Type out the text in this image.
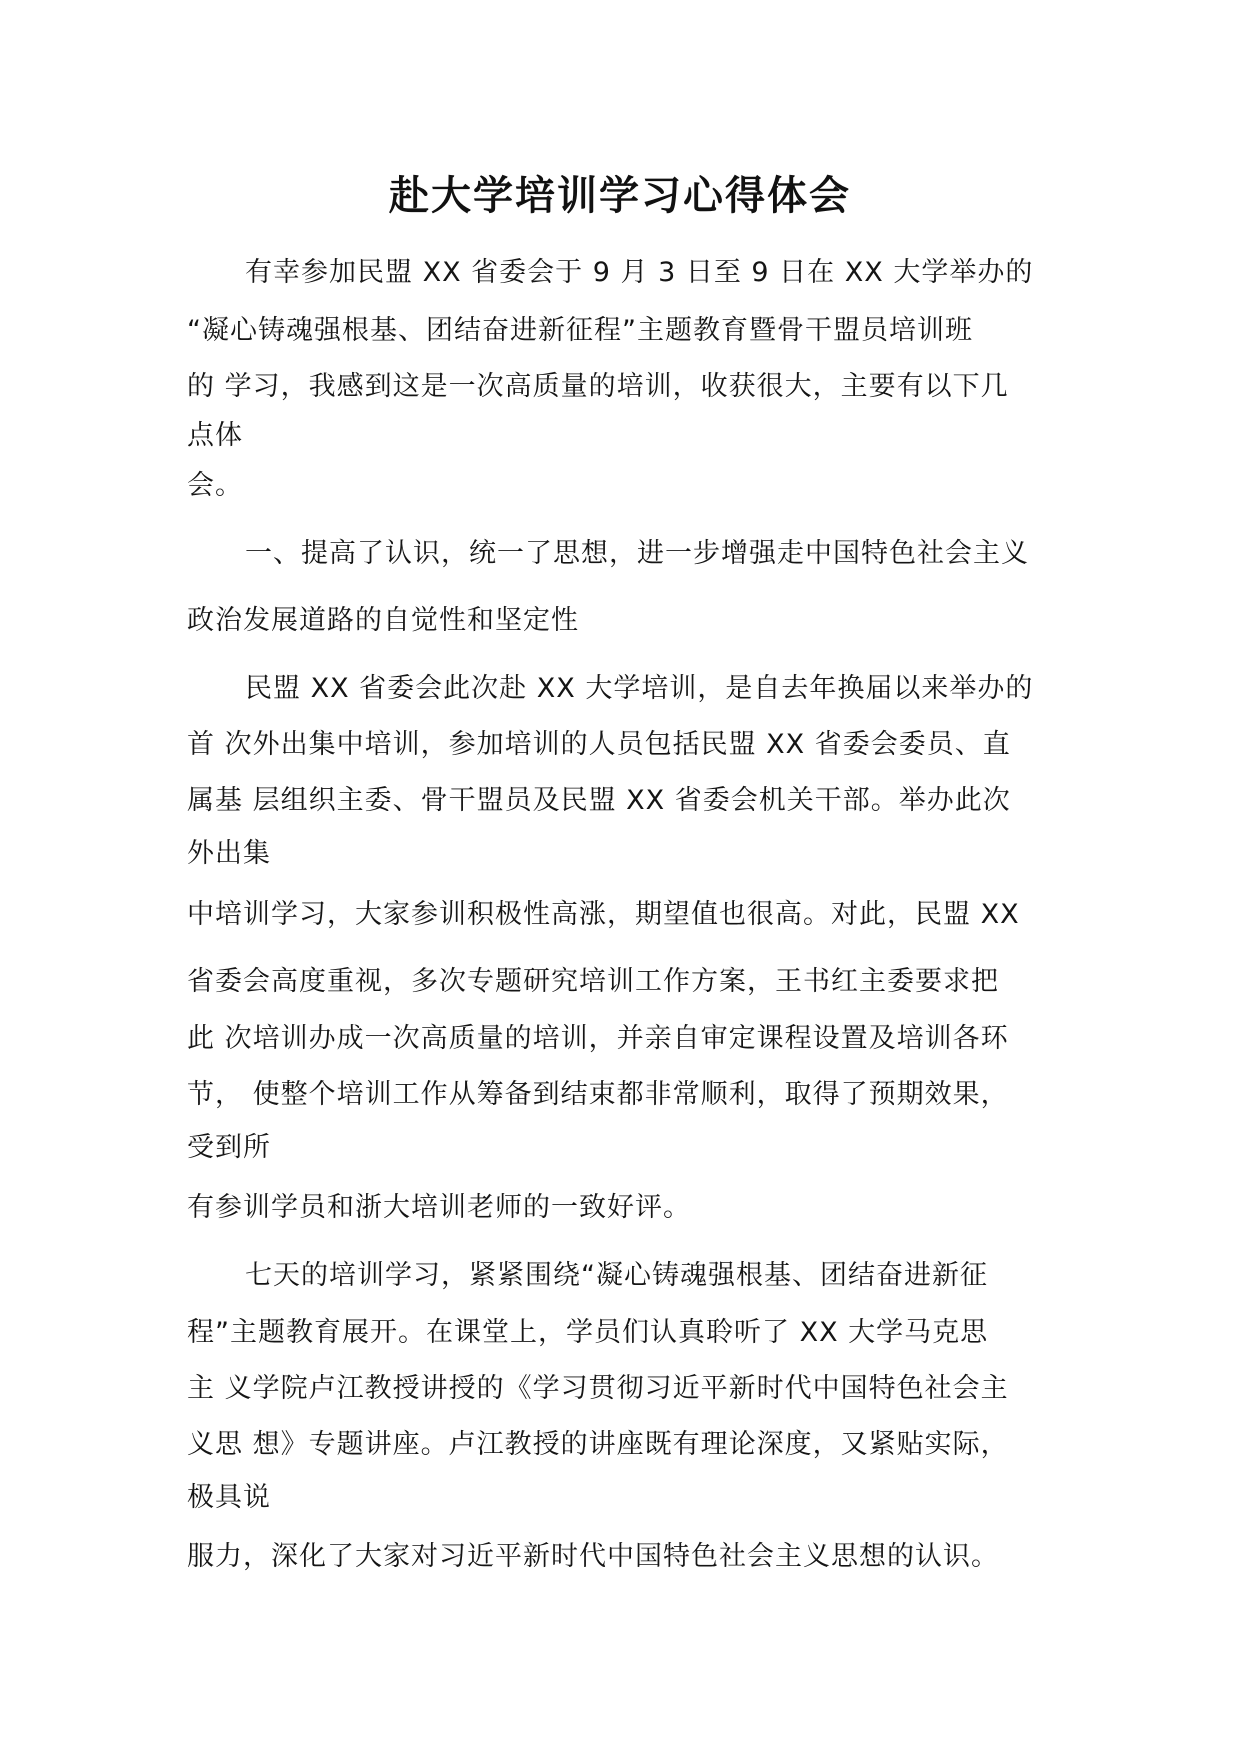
赴大学培训学习心得体会
有幸参加民盟 XX 省委会于 9 月 3 日至 9 日在 XX 大学举办的
“凝心铸魂强根基、团结奋进新征程”主题教育暨骨干盟员培训班
的 学习，我感到这是一次高质量的培训，收获很大，主要有以下几
点体
会。
一、提高了认识，统一了思想，进一步增强走中国特色社会主义
政治发展道路的自觉性和坚定性
民盟 XX 省委会此次赴 XX 大学培训，是自去年换届以来举办的
首 次外出集中培训，参加培训的人员包括民盟 XX 省委会委员、直
属基 层组织主委、骨干盟员及民盟 XX 省委会机关干部。举办此次
外出集
中培训学习，大家参训积极性高涨，期望值也很高。对此，民盟 XX
省委会高度重视，多次专题研究培训工作方案，王书红主委要求把
此 次培训办成一次高质量的培训，并亲自审定课程设置及培训各环
节， 使整个培训工作从筹备到结束都非常顺利，取得了预期效果，
受到所
有参训学员和浙大培训老师的一致好评。
七天的培训学习，紧紧围绕“凝心铸魂强根基、团结奋进新征
程”主题教育展开。在课堂上，学员们认真聆听了 XX 大学马克思
主 义学院卢江教授讲授的《学习贯彻习近平新时代中国特色社会主
义思 想》专题讲座。卢江教授的讲座既有理论深度，又紧贴实际，
极具说
服力，深化了大家对习近平新时代中国特色社会主义思想的认识。
